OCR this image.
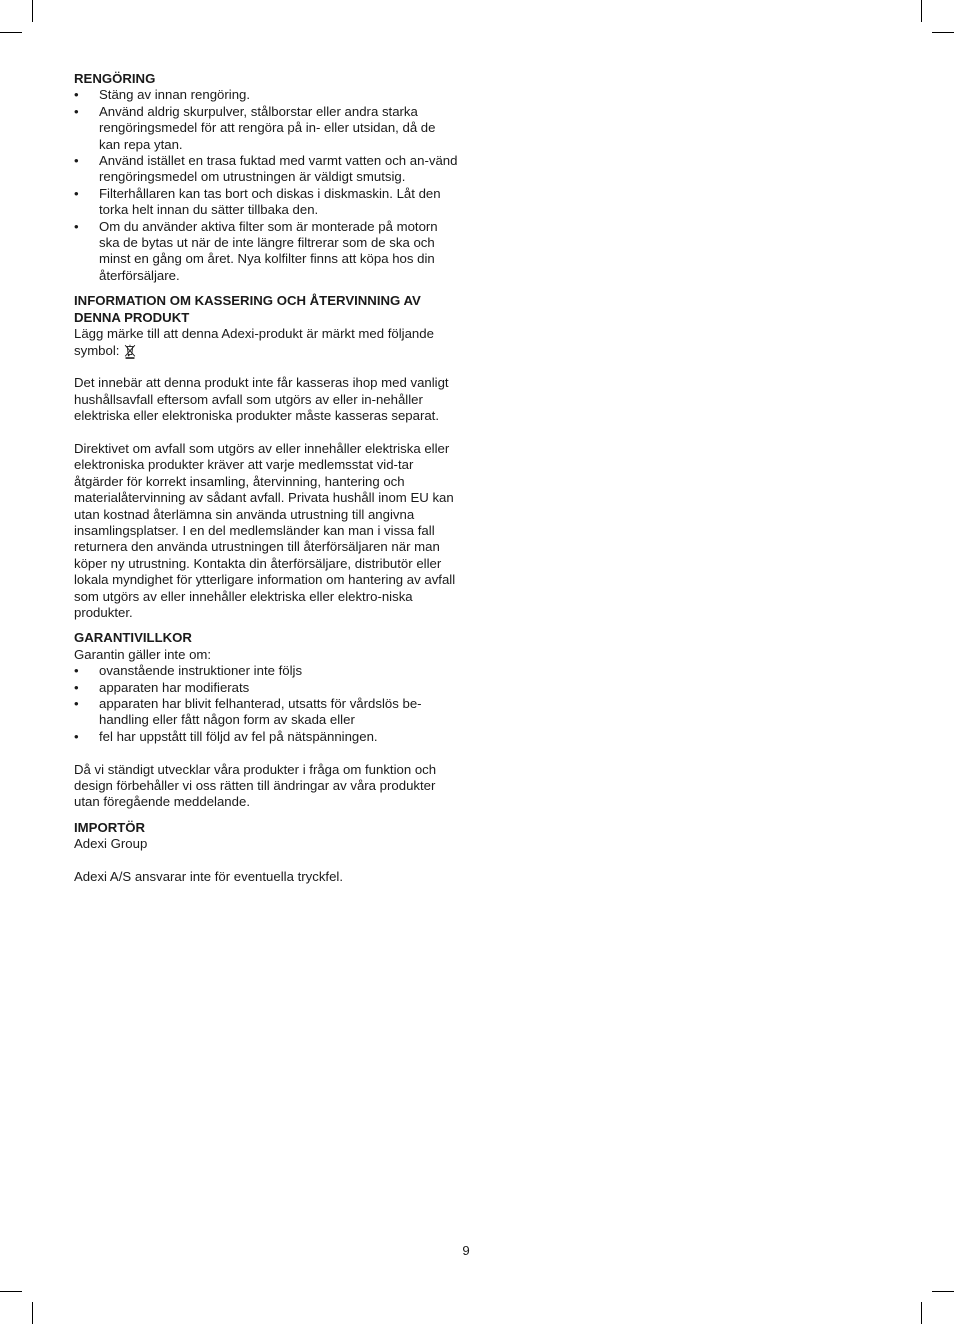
RENGÖRING
• Stäng av innan rengöring.
• Använd aldrig skurpulver, stålborstar eller andra starka rengöringsmedel för att rengöra på in- eller utsidan, då de kan repa ytan.
• Använd istället en trasa fuktad med varmt vatten och an-vänd rengöringsmedel om utrustningen är väldigt smutsig.
• Filterhållaren kan tas bort och diskas i diskmaskin. Låt den torka helt innan du sätter tillbaka den.
• Om du använder aktiva filter som är monterade på motorn ska de bytas ut när de inte längre filtrerar som de ska och minst en gång om året. Nya kolfilter finns att köpa hos din återförsäljare.
INFORMATION OM KASSERING OCH ÅTERVINNING AV DENNA PRODUKT

Lägg märke till att denna Adexi-produkt är märkt med följande symbol:

Det innebär att denna produkt inte får kasseras ihop med vanligt hushållsavfall eftersom avfall som utgörs av eller in-nehåller elektriska eller elektroniska produkter måste kasseras separat.

Direktivet om avfall som utgörs av eller innehåller elektriska eller elektroniska produkter kräver att varje medlemsstat vid-tar åtgärder för korrekt insamling, återvinning, hantering och materialåtervinning av sådant avfall. Privata hushåll inom EU kan utan kostnad återlämna sin använda utrustning till angivna insamlingsplatser. I en del medlemsländer kan man i vissa fall returnera den använda utrustningen till återförsäljaren när man köper ny utrustning. Kontakta din återförsäljare, distributör eller lokala myndighet för ytterligare information om hantering av avfall som utgörs av eller innehåller elektriska eller elektro-niska produkter.

GARANTIVILLKOR

Garantin gäller inte om:

• ovanstående instruktioner inte följs
• apparaten har modifierats
• apparaten har blivit felhanterad, utsatts för vårdslös be-handling eller fått någon form av skada eller
• fel har uppstått till följd av fel på nätspänningen.

Då vi ständigt utvecklar våra produkter i fråga om funktion och design förbehåller vi oss rätten till ändringar av våra produkter utan föregående meddelande.

IMPORTÖR

Adexi Group

Adexi A/S ansvarar inte för eventuella tryckfel.

9
